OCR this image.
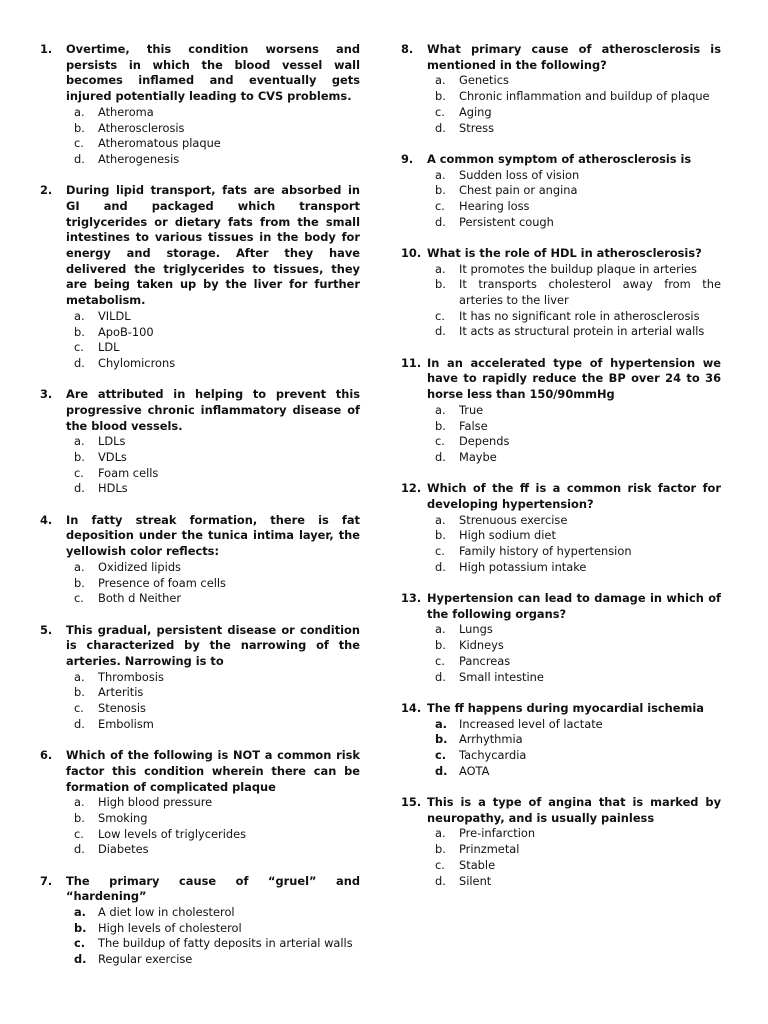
1.	Overtime, this condition worsens and persists in which the blood vessel wall becomes inflamed and eventually gets injured potentially leading to CVS problems.
a.	Atheroma
b.	Atherosclerosis
c.	Atheromatous plaque
d.	Atherogenesis
2.	During lipid transport, fats are absorbed in GI and packaged which transport triglycerides or dietary fats from the small intestines to various tissues in the body for energy and storage. After they have delivered the triglycerides to tissues, they are being taken up by the liver for further metabolism.
a.	VILDL
b.	ApoB-100
c.	LDL
d.	Chylomicrons
3.	Are attributed in helping to prevent this progressive chronic inflammatory disease of the blood vessels.
a.	LDLs
b.	VDLs
c.	Foam cells
d.	HDLs
4.	In fatty streak formation, there is fat deposition under the tunica intima layer, the yellowish color reflects:
a.	Oxidized lipids
b.	Presence of foam cells
c.	Both d Neither
5.	This gradual, persistent disease or condition is characterized by the narrowing of the arteries. Narrowing is to
a.	Thrombosis
b.	Arteritis
c.	Stenosis
d.	Embolism
6.	Which of the following is NOT a common risk factor this condition wherein there can be formation of complicated plaque
a.	High blood pressure
b.	Smoking
c.	Low levels of triglycerides
d.	Diabetes
7.	The primary cause of “gruel” and “hardening”
a.	A diet low in cholesterol
b.	High levels of cholesterol
c.	The buildup of fatty deposits in arterial walls
d.	Regular exercise
8.	What primary cause of atherosclerosis is mentioned in the following?
a.	Genetics
b.	Chronic inflammation and buildup of plaque
c.	Aging
d.	Stress
9.	A common symptom of atherosclerosis is
a.	Sudden loss of vision
b.	Chest pain or angina
c.	Hearing loss
d.	Persistent cough
10. What is the role of HDL in atherosclerosis?
a.	It promotes the buildup plaque in arteries
b.	It transports cholesterol away from the arteries to the liver
c.	It has no significant role in atherosclerosis
d.	It acts as structural protein in arterial walls
11. In an accelerated type of hypertension we have to rapidly reduce the BP over 24 to 36 horse less than 150/90mmHg
a.	True
b.	False
c.	Depends
d.	Maybe
12. Which of the ff is a common risk factor for developing hypertension?
a.	Strenuous exercise
b.	High sodium diet
c.	Family history of hypertension
d.	High potassium intake
13. Hypertension can lead to damage in which of the following organs?
a.	Lungs
b.	Kidneys
c.	Pancreas
d.	Small intestine
14. The ff happens during myocardial ischemia
a.	Increased level of lactate
b.	Arrhythmia
c.	Tachycardia
d.	AOTA
15. This is a type of angina that is marked by neuropathy, and is usually painless
a.	Pre-infarction
b.	Prinzmetal
c.	Stable
d.	Silent
